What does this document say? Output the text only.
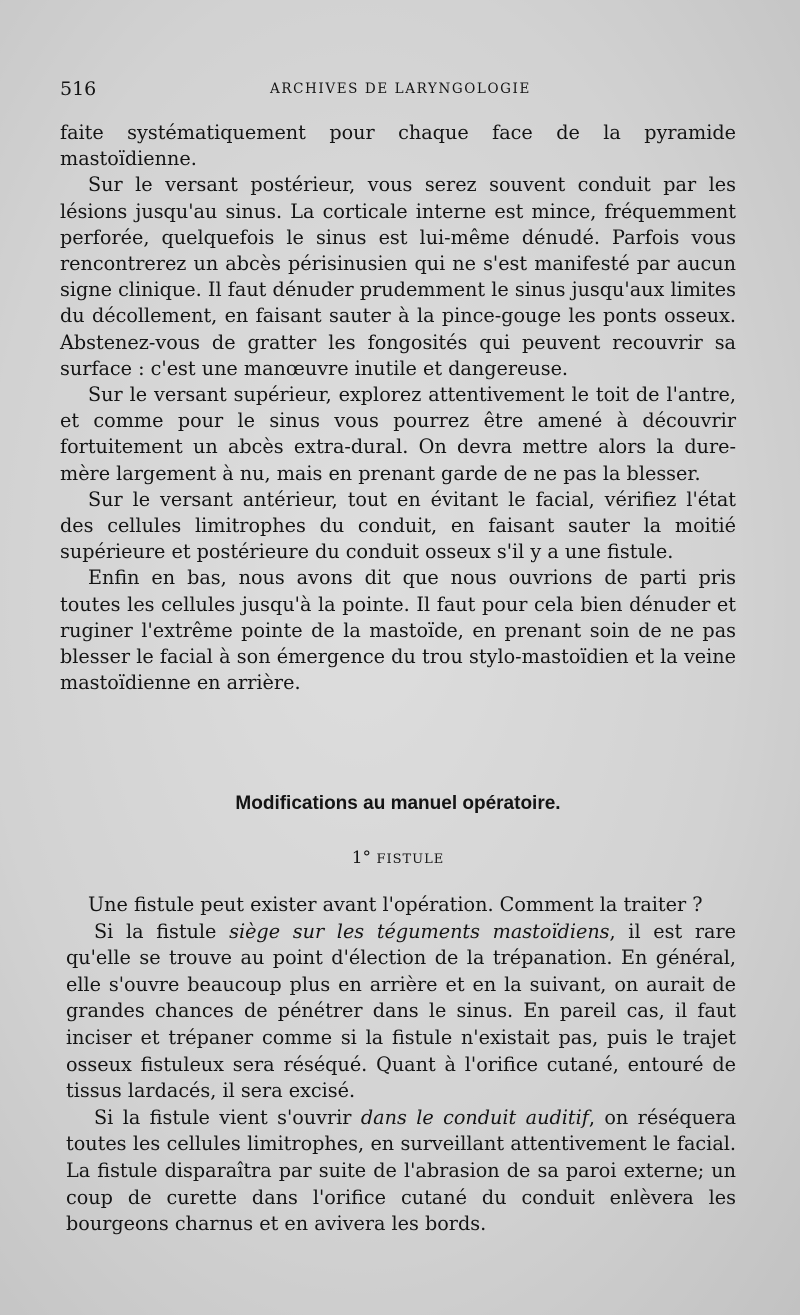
516	ARCHIVES DE LARYNGOLOGIE

faite systématiquement pour chaque face de la pyramide mastoïdienne.

Sur le versant postérieur, vous serez souvent conduit par les lésions jusqu'au sinus. La corticale interne est mince, fréquemment perforée, quelquefois le sinus est lui-même dénudé. Parfois vous rencontrerez un abcès périsinusien qui ne s'est manifesté par aucun signe clinique. Il faut dénuder prudemment le sinus jusqu'aux limites du décollement, en faisant sauter à la pince-gouge les ponts osseux. Abstenez-vous de gratter les fongosités qui peuvent recouvrir sa surface : c'est une manœuvre inutile et dangereuse.

Sur le versant supérieur, explorez attentivement le toit de l'antre, et comme pour le sinus vous pourrez être amené à découvrir fortuitement un abcès extra-dural. On devra mettre alors la dure-mère largement à nu, mais en prenant garde de ne pas la blesser.

Sur le versant antérieur, tout en évitant le facial, vérifiez l'état des cellules limitrophes du conduit, en faisant sauter la moitié supérieure et postérieure du conduit osseux s'il y a une fistule.

Enfin en bas, nous avons dit que nous ouvrions de parti pris toutes les cellules jusqu'à la pointe. Il faut pour cela bien dénuder et ruginer l'extrême pointe de la mastoïde, en prenant soin de ne pas blesser le facial à son émergence du trou stylo-mastoïdien et la veine mastoïdienne en arrière.

Modifications au manuel opératoire.
1° FISTULE

Une fistule peut exister avant l'opération. Comment la traiter ?

Si la fistule siège sur les téguments mastoïdiens, il est rare qu'elle se trouve au point d'élection de la trépanation. En général, elle s'ouvre beaucoup plus en arrière et en la suivant, on aurait de grandes chances de pénétrer dans le sinus. En pareil cas, il faut inciser et trépaner comme si la fistule n'existait pas, puis le trajet osseux fistuleux sera réséqué. Quant à l'orifice cutané, entouré de tissus lardacés, il sera excisé.

Si la fistule vient s'ouvrir dans le conduit auditif, on réséquera toutes les cellules limitrophes, en surveillant attentivement le facial. La fistule disparaîtra par suite de l'abrasion de sa paroi externe; un coup de curette dans l'orifice cutané du conduit enlèvera les bourgeons charnus et en avivera les bords.
